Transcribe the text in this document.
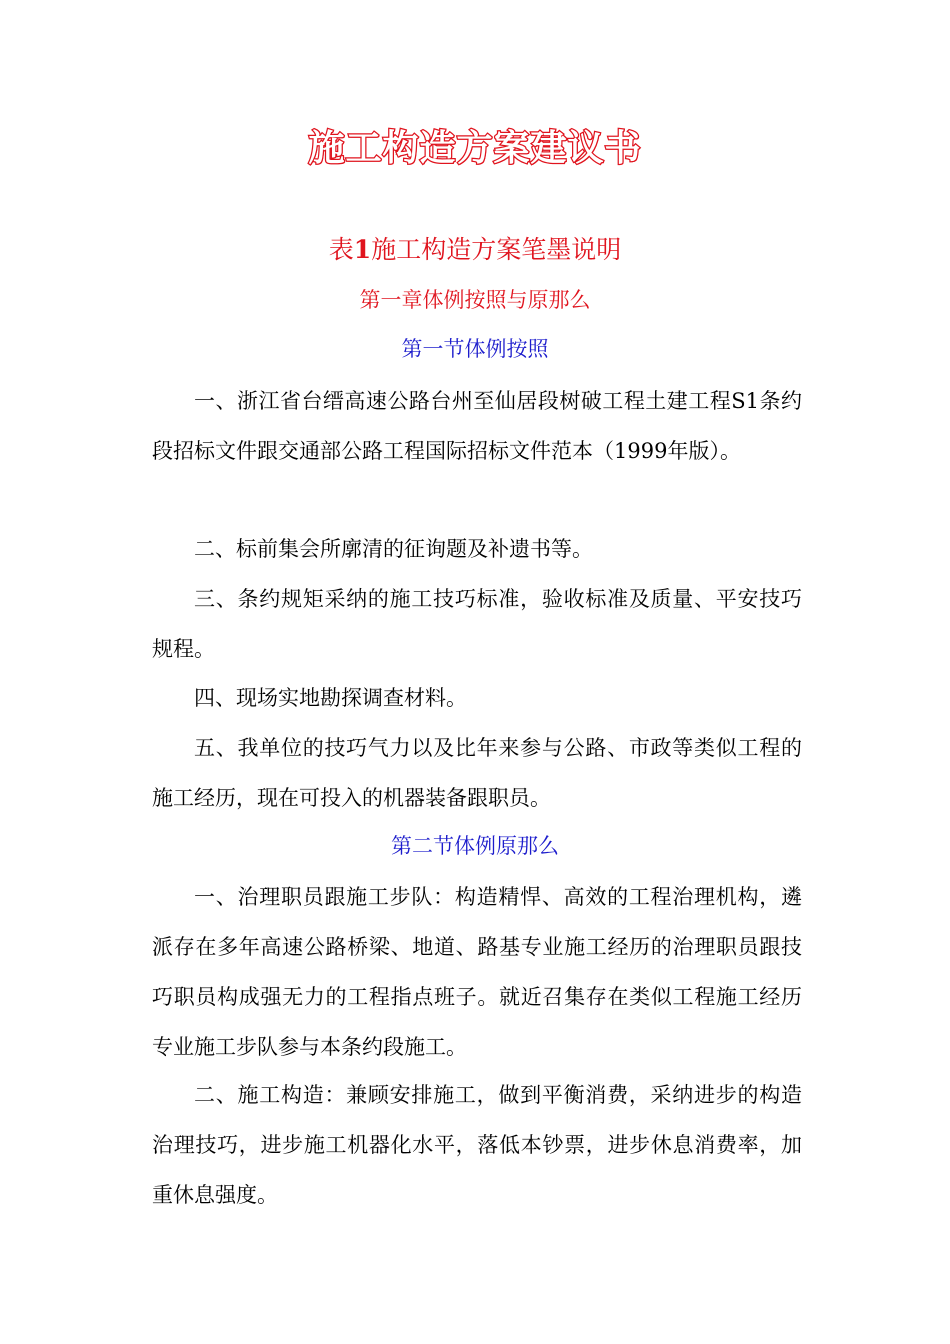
施工构造方案建议书
表1施工构造方案笔墨说明
第一章体例按照与原那么
第一节体例按照

一、浙江省台缙高速公路台州至仙居段树破工程土建工程S1条约段招标文件跟交通部公路工程国际招标文件范本（1999年版）。

二、标前集会所廓清的征询题及补遗书等。

三、条约规矩采纳的施工技巧标准，验收标准及质量、平安技巧规程。

四、现场实地勘探调查材料。

五、我单位的技巧气力以及比年来参与公路、市政等类似工程的施工经历，现在可投入的机器装备跟职员。

第二节体例原那么

一、治理职员跟施工步队：构造精悍、高效的工程治理机构，遴派存在多年高速公路桥梁、地道、路基专业施工经历的治理职员跟技巧职员构成强无力的工程指点班子。就近召集存在类似工程施工经历专业施工步队参与本条约段施工。

二、施工构造：兼顾安排施工，做到平衡消费，采纳进步的构造治理技巧，进步施工机器化水平，落低本钞票，进步休息消费率，加重休息强度。
